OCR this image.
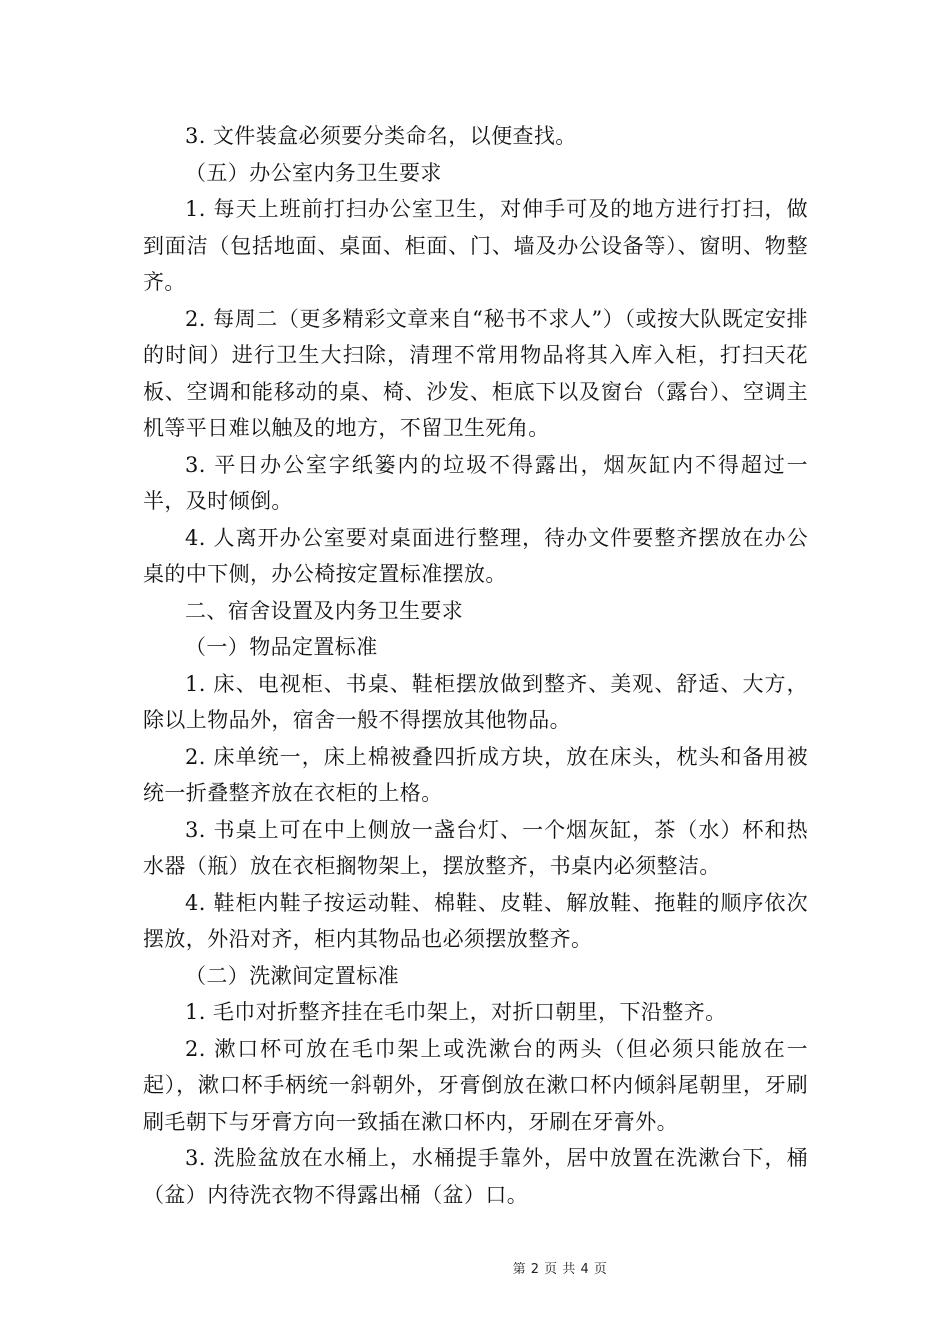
3. 文件装盒必须要分类命名，以便查找。

（五）办公室内务卫生要求

1. 每天上班前打扫办公室卫生，对伸手可及的地方进行打扫，做到面洁（包括地面、桌面、柜面、门、墙及办公设备等）、窗明、物整齐。

2. 每周二（更多精彩文章来自“秘书不求人”）（或按大队既定安排的时间）进行卫生大扫除，清理不常用物品将其入库入柜，打扫天花板、空调和能移动的桌、椅、沙发、柜底下以及窗台（露台）、空调主机等平日难以触及的地方，不留卫生死角。

3. 平日办公室字纸篓内的垃圾不得露出，烟灰缸内不得超过一半，及时倾倒。

4. 人离开办公室要对桌面进行整理，待办文件要整齐摆放在办公桌的中下侧，办公椅按定置标准摆放。

二、宿舍设置及内务卫生要求

（一）物品定置标准

1. 床、电视柜、书桌、鞋柜摆放做到整齐、美观、舒适、大方，除以上物品外，宿舍一般不得摆放其他物品。

2. 床单统一，床上棉被叠四折成方块，放在床头，枕头和备用被统一折叠整齐放在衣柜的上格。

3. 书桌上可在中上侧放一盏台灯、一个烟灰缸，茶（水）杯和热水器（瓶）放在衣柜搁物架上，摆放整齐，书桌内必须整洁。

4. 鞋柜内鞋子按运动鞋、棉鞋、皮鞋、解放鞋、拖鞋的顺序依次摆放，外沿对齐，柜内其物品也必须摆放整齐。

（二）洗漱间定置标准

1. 毛巾对折整齐挂在毛巾架上，对折口朝里，下沿整齐。

2. 漱口杯可放在毛巾架上或洗漱台的两头（但必须只能放在一起），漱口杯手柄统一斜朝外，牙膏倒放在漱口杯内倾斜尾朝里，牙刷刷毛朝下与牙膏方向一致插在漱口杯内，牙刷在牙膏外。

3. 洗脸盆放在水桶上，水桶提手靠外，居中放置在洗漱台下，桶（盆）内待洗衣物不得露出桶（盆）口。

第 2 页 共 4 页
